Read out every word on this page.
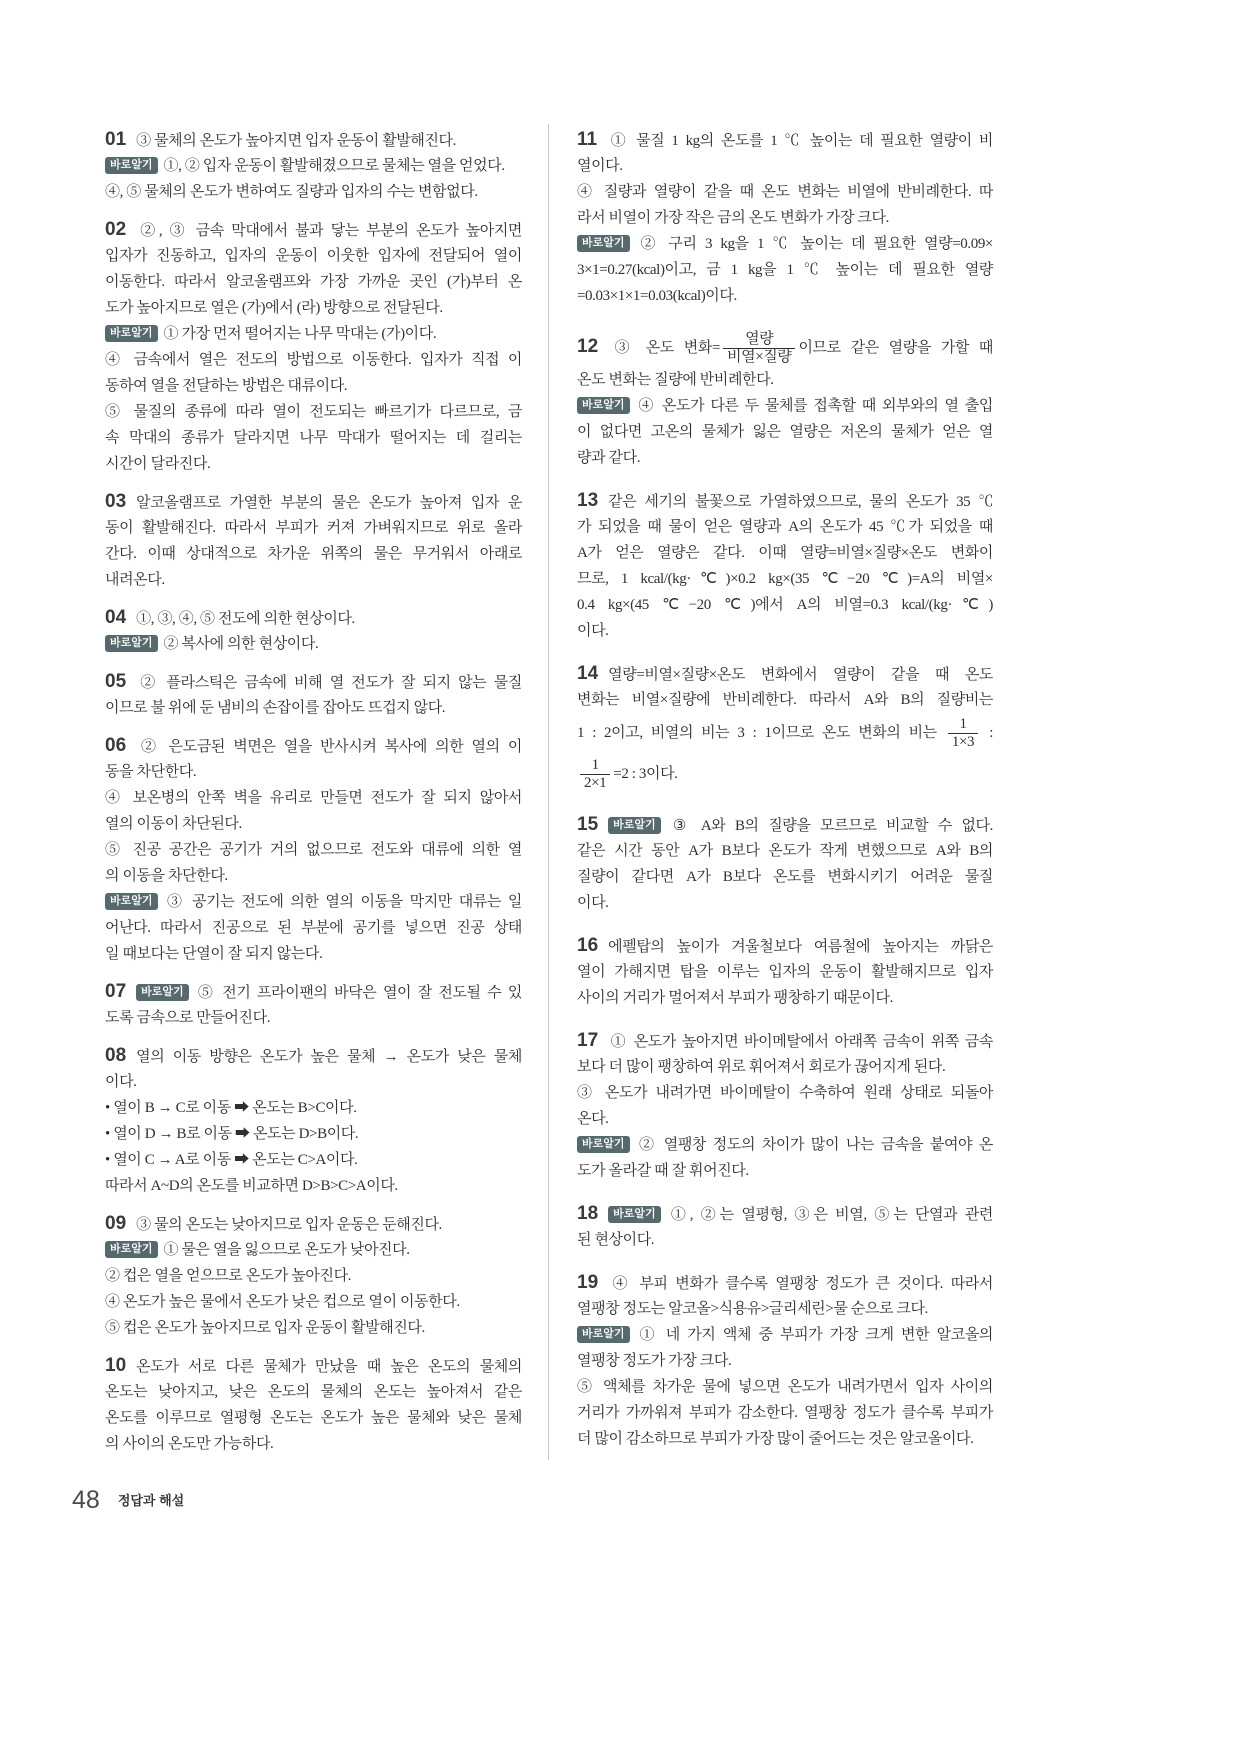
01 ③ 물체의 온도가 높아지면 입자 운동이 활발해진다.
바로알기 ①, ② 입자 운동이 활발해졌으므로 물체는 열을 얻었다.
④, ⑤ 물체의 온도가 변하여도 질량과 입자의 수는 변함없다.
02 ②, ③ 금속 막대에서 불과 닿는 부분의 온도가 높아지면
입자가 진동하고, 입자의 운동이 이웃한 입자에 전달되어 열이
이동한다. 따라서 알코올램프와 가장 가까운 곳인 (가)부터 온
도가 높아지므로 열은 (가)에서 (라) 방향으로 전달된다.
바로알기 ① 가장 먼저 떨어지는 나무 막대는 (가)이다.
④ 금속에서 열은 전도의 방법으로 이동한다. 입자가 직접 이
동하여 열을 전달하는 방법은 대류이다.
⑤ 물질의 종류에 따라 열이 전도되는 빠르기가 다르므로, 금
속 막대의 종류가 달라지면 나무 막대가 떨어지는 데 걸리는
시간이 달라진다.
03 알코올램프로 가열한 부분의 물은 온도가 높아져 입자 운
동이 활발해진다. 따라서 부피가 커져 가벼워지므로 위로 올라
간다. 이때 상대적으로 차가운 위쪽의 물은 무거워서 아래로
내려온다.
04 ①, ③, ④, ⑤ 전도에 의한 현상이다.
바로알기 ② 복사에 의한 현상이다.
05 ② 플라스틱은 금속에 비해 열 전도가 잘 되지 않는 물질
이므로 불 위에 둔 냄비의 손잡이를 잡아도 뜨겁지 않다.
06 ② 은도금된 벽면은 열을 반사시켜 복사에 의한 열의 이
동을 차단한다.
④ 보온병의 안쪽 벽을 유리로 만들면 전도가 잘 되지 않아서
열의 이동이 차단된다.
⑤ 진공 공간은 공기가 거의 없으므로 전도와 대류에 의한 열
의 이동을 차단한다.
바로알기 ③ 공기는 전도에 의한 열의 이동을 막지만 대류는 일
어난다. 따라서 진공으로 된 부분에 공기를 넣으면 진공 상태
일 때보다는 단열이 잘 되지 않는다.
07 바로알기 ⑤ 전기 프라이팬의 바닥은 열이 잘 전도될 수 있
도록 금속으로 만들어진다.
08 열의 이동 방향은 온도가 높은 물체 → 온도가 낮은 물체
이다.
• 열이 B → C로 이동 ➡ 온도는 B>C이다.
• 열이 D → B로 이동 ➡ 온도는 D>B이다.
• 열이 C → A로 이동 ➡ 온도는 C>A이다.
따라서 A~D의 온도를 비교하면 D>B>C>A이다.
09 ③ 물의 온도는 낮아지므로 입자 운동은 둔해진다.
바로알기 ① 물은 열을 잃으므로 온도가 낮아진다.
② 컵은 열을 얻으므로 온도가 높아진다.
④ 온도가 높은 물에서 온도가 낮은 컵으로 열이 이동한다.
⑤ 컵은 온도가 높아지므로 입자 운동이 활발해진다.
10 온도가 서로 다른 물체가 만났을 때 높은 온도의 물체의
온도는 낮아지고, 낮은 온도의 물체의 온도는 높아져서 같은
온도를 이루므로 열평형 온도는 온도가 높은 물체와 낮은 물체
의 사이의 온도만 가능하다.
11 ① 물질 1 kg의 온도를 1 ℃ 높이는 데 필요한 열량이 비
열이다.
④ 질량과 열량이 같을 때 온도 변화는 비열에 반비례한다. 따
라서 비열이 가장 작은 금의 온도 변화가 가장 크다.
바로알기 ② 구리 3 kg을 1 ℃ 높이는 데 필요한 열량=0.09×
3×1=0.27(kcal)이고, 금 1 kg을 1 ℃ 높이는 데 필요한 열량
=0.03×1×1=0.03(kcal)이다.
12 ③ 온도 변화= $\frac{\text{열량}}{\text{비열×질량}}$ 이므로 같은 열량을 가할 때
온도 변화는 질량에 반비례한다.
바로알기 ④ 온도가 다른 두 물체를 접촉할 때 외부와의 열 출입
이 없다면 고온의 물체가 잃은 열량은 저온의 물체가 얻은 열
량과 같다.
13 같은 세기의 불꽃으로 가열하였으므로, 물의 온도가 35 ℃
가 되었을 때 물이 얻은 열량과 A의 온도가 45 ℃가 되었을 때
A가 얻은 열량은 같다. 이때 열량=비열×질량×온도 변화이
므로, 1 kcal/(kg·℃)×0.2 kg×(35 ℃−20 ℃)=A의 비열×
0.4 kg×(45 ℃−20 ℃)에서 A의 비열=0.3 kcal/(kg·℃)
이다.
14 열량=비열×질량×온도 변화에서 열량이 같을 때 온도
변화는 비열×질량에 반비례한다. 따라서 A와 B의 질량비는
1 : 2이고, 비열의 비는 3 : 1이므로 온도 변화의 비는 $\frac{1}{1\times 3}$ :
$\frac{1}{2\times 1} =2$ : 3이다.
15 바로알기 ③ A와 B의 질량을 모르므로 비교할 수 없다.
같은 시간 동안 A가 B보다 온도가 작게 변했으므로 A와 B의
질량이 같다면 A가 B보다 온도를 변화시키기 어려운 물질
이다.
16 에펠탑의 높이가 겨울철보다 여름철에 높아지는 까닭은
열이 가해지면 탑을 이루는 입자의 운동이 활발해지므로 입자
사이의 거리가 멀어져서 부피가 팽창하기 때문이다.
17 ① 온도가 높아지면 바이메탈에서 아래쪽 금속이 위쪽 금속
보다 더 많이 팽창하여 위로 휘어져서 회로가 끊어지게 된다.
③ 온도가 내려가면 바이메탈이 수축하여 원래 상태로 되돌아
온다.
바로알기 ② 열팽창 정도의 차이가 많이 나는 금속을 붙여야 온
도가 올라갈 때 잘 휘어진다.
18 바로알기 ①, ②는 열평형, ③은 비열, ⑤는 단열과 관련
된 현상이다.
19 ④ 부피 변화가 클수록 열팽창 정도가 큰 것이다. 따라서
열팽창 정도는 알코올>식용유>글리세린>물 순으로 크다.
바로알기 ① 네 가지 액체 중 부피가 가장 크게 변한 알코올의
열팽창 정도가 가장 크다.
⑤ 액체를 차가운 물에 넣으면 온도가 내려가면서 입자 사이의
거리가 가까워져 부피가 감소한다. 열팽창 정도가 클수록 부피가
더 많이 감소하므로 부피가 가장 많이 줄어드는 것은 알코올이다.
48 정답과 해설
